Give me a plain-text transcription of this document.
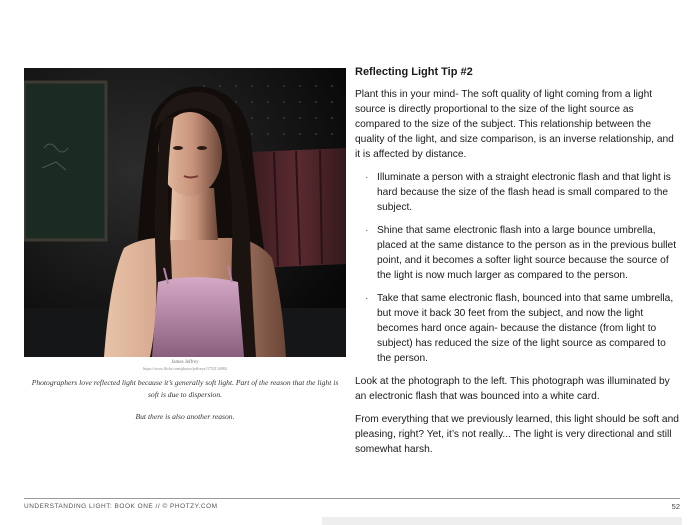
James Jeffrey
https://www.flickr.com/photos/jeffreyx/3752134984
Photographers love reflected light because it’s generally soft light. Part of the reason that the light is soft is due to dispersion.
But there is also another reason.
Reflecting Light Tip #2

Plant this in your mind- The soft quality of light coming from a light source is directly proportional to the size of the light source as compared to the size of the subject. This relationship between the quality of the light, and size comparison, is an inverse relationship, and it is affected by distance.

· Illuminate a person with a straight electronic flash and that light is hard because the size of the flash head is small compared to the subject.
· Shine that same electronic flash into a large bounce umbrella, placed at the same distance to the person as in the previous bullet point, and it becomes a softer light source because the source of the light is now much larger as compared to the person.
· Take that same electronic flash, bounced into that same umbrella, but move it back 30 feet from the subject, and now the light becomes hard once again- because the distance (from light to subject) has reduced the size of the light source as compared to the person.

Look at the photograph to the left. This photograph was illuminated by an electronic flash that was bounced into a white card.

From everything that we previously learned, this light should be soft and pleasing, right? Yet, it’s not really... The light is very directional and still somewhat harsh.

UNDERSTANDING LIGHT: BOOK ONE // © PHOTZY.COM	52
